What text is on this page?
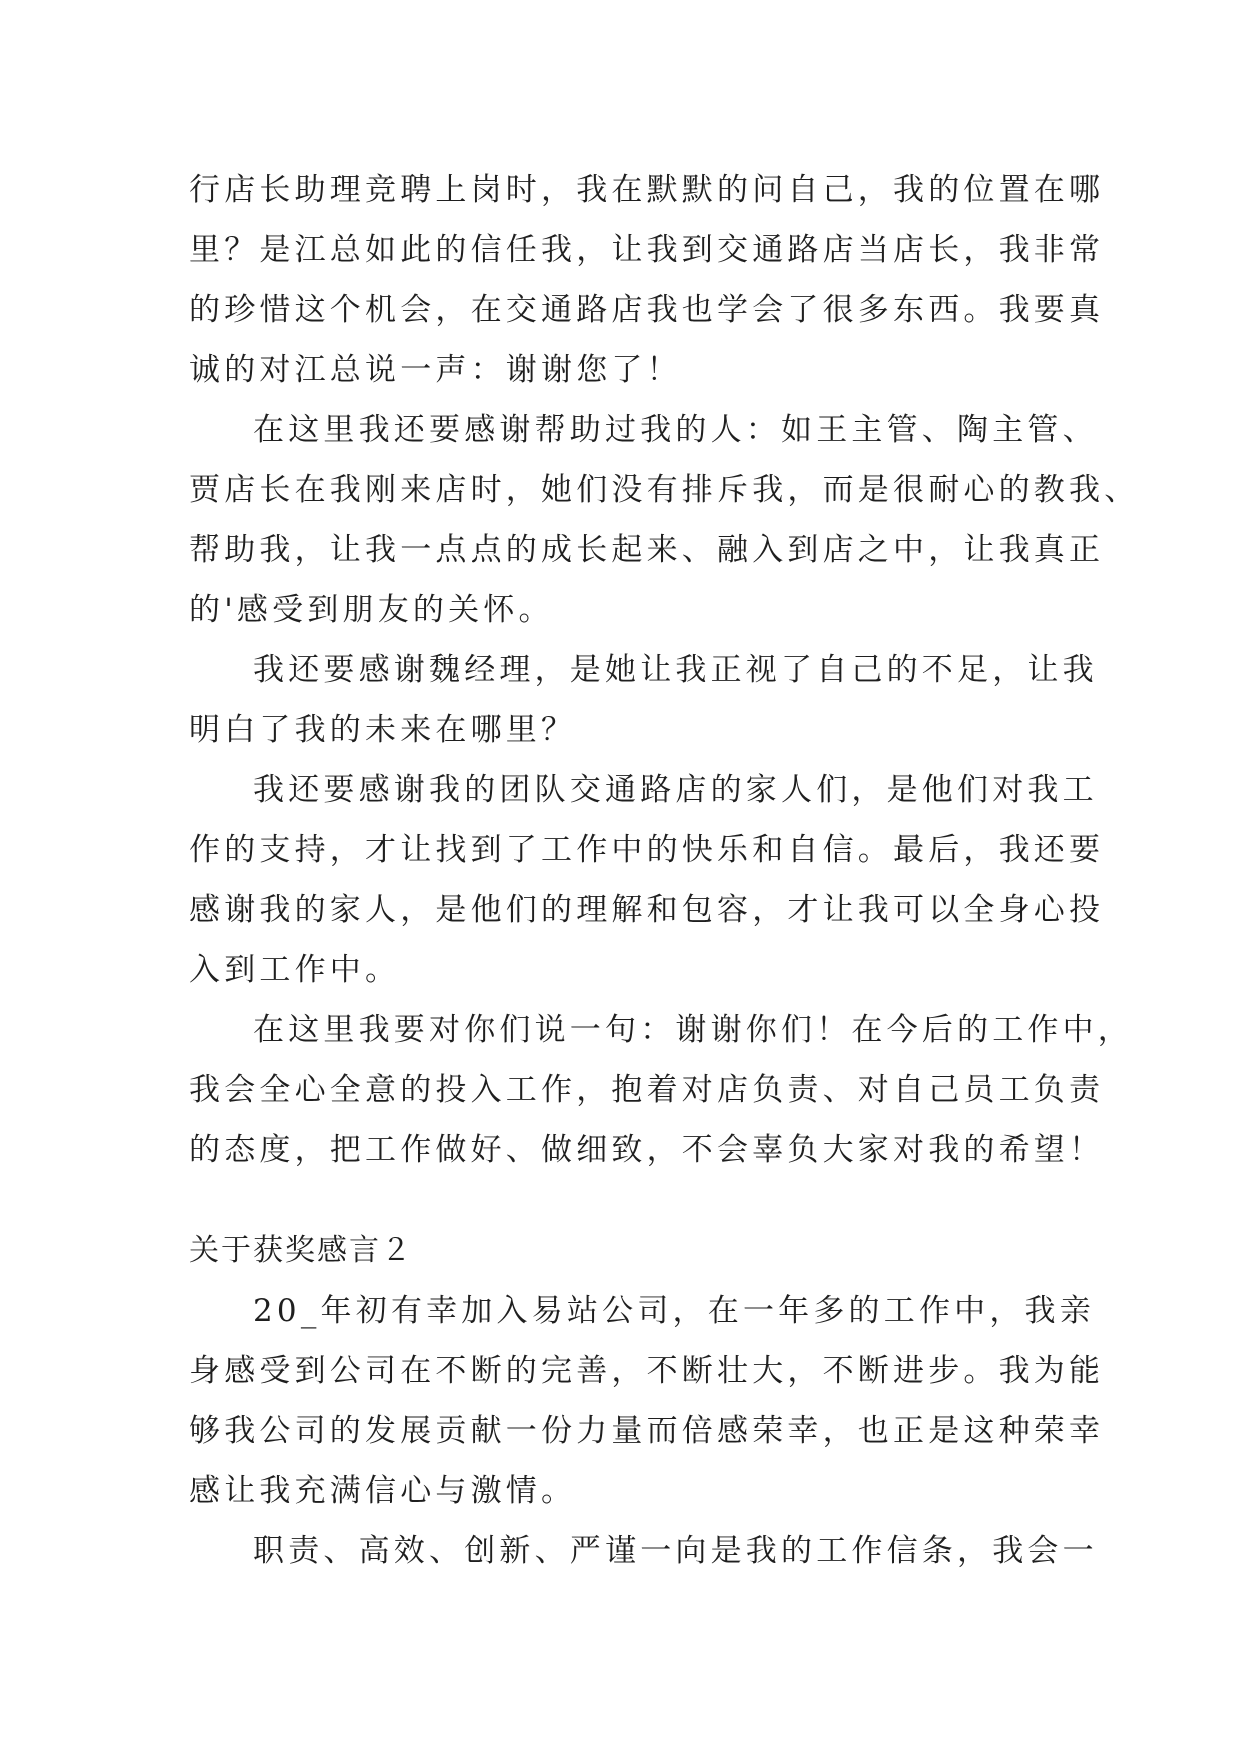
行店长助理竞聘上岗时，我在默默的问自己，我的位置在哪
里？是江总如此的信任我，让我到交通路店当店长，我非常
的珍惜这个机会，在交通路店我也学会了很多东西。我要真
诚的对江总说一声：谢谢您了！
在这里我还要感谢帮助过我的人：如王主管、陶主管、
贾店长在我刚来店时，她们没有排斥我，而是很耐心的教我、
帮助我，让我一点点的成长起来、融入到店之中，让我真正
的'感受到朋友的关怀。
我还要感谢魏经理，是她让我正视了自己的不足，让我
明白了我的未来在哪里？
我还要感谢我的团队交通路店的家人们，是他们对我工
作的支持，才让找到了工作中的快乐和自信。最后，我还要
感谢我的家人，是他们的理解和包容，才让我可以全身心投
入到工作中。
在这里我要对你们说一句：谢谢你们！在今后的工作中，
我会全心全意的投入工作，抱着对店负责、对自己员工负责
的态度，把工作做好、做细致，不会辜负大家对我的希望！
关于获奖感言２
20_年初有幸加入易站公司，在一年多的工作中，我亲
身感受到公司在不断的完善，不断壮大，不断进步。我为能
够我公司的发展贡献一份力量而倍感荣幸，也正是这种荣幸
感让我充满信心与激情。
职责、高效、创新、严谨一向是我的工作信条，我会一
